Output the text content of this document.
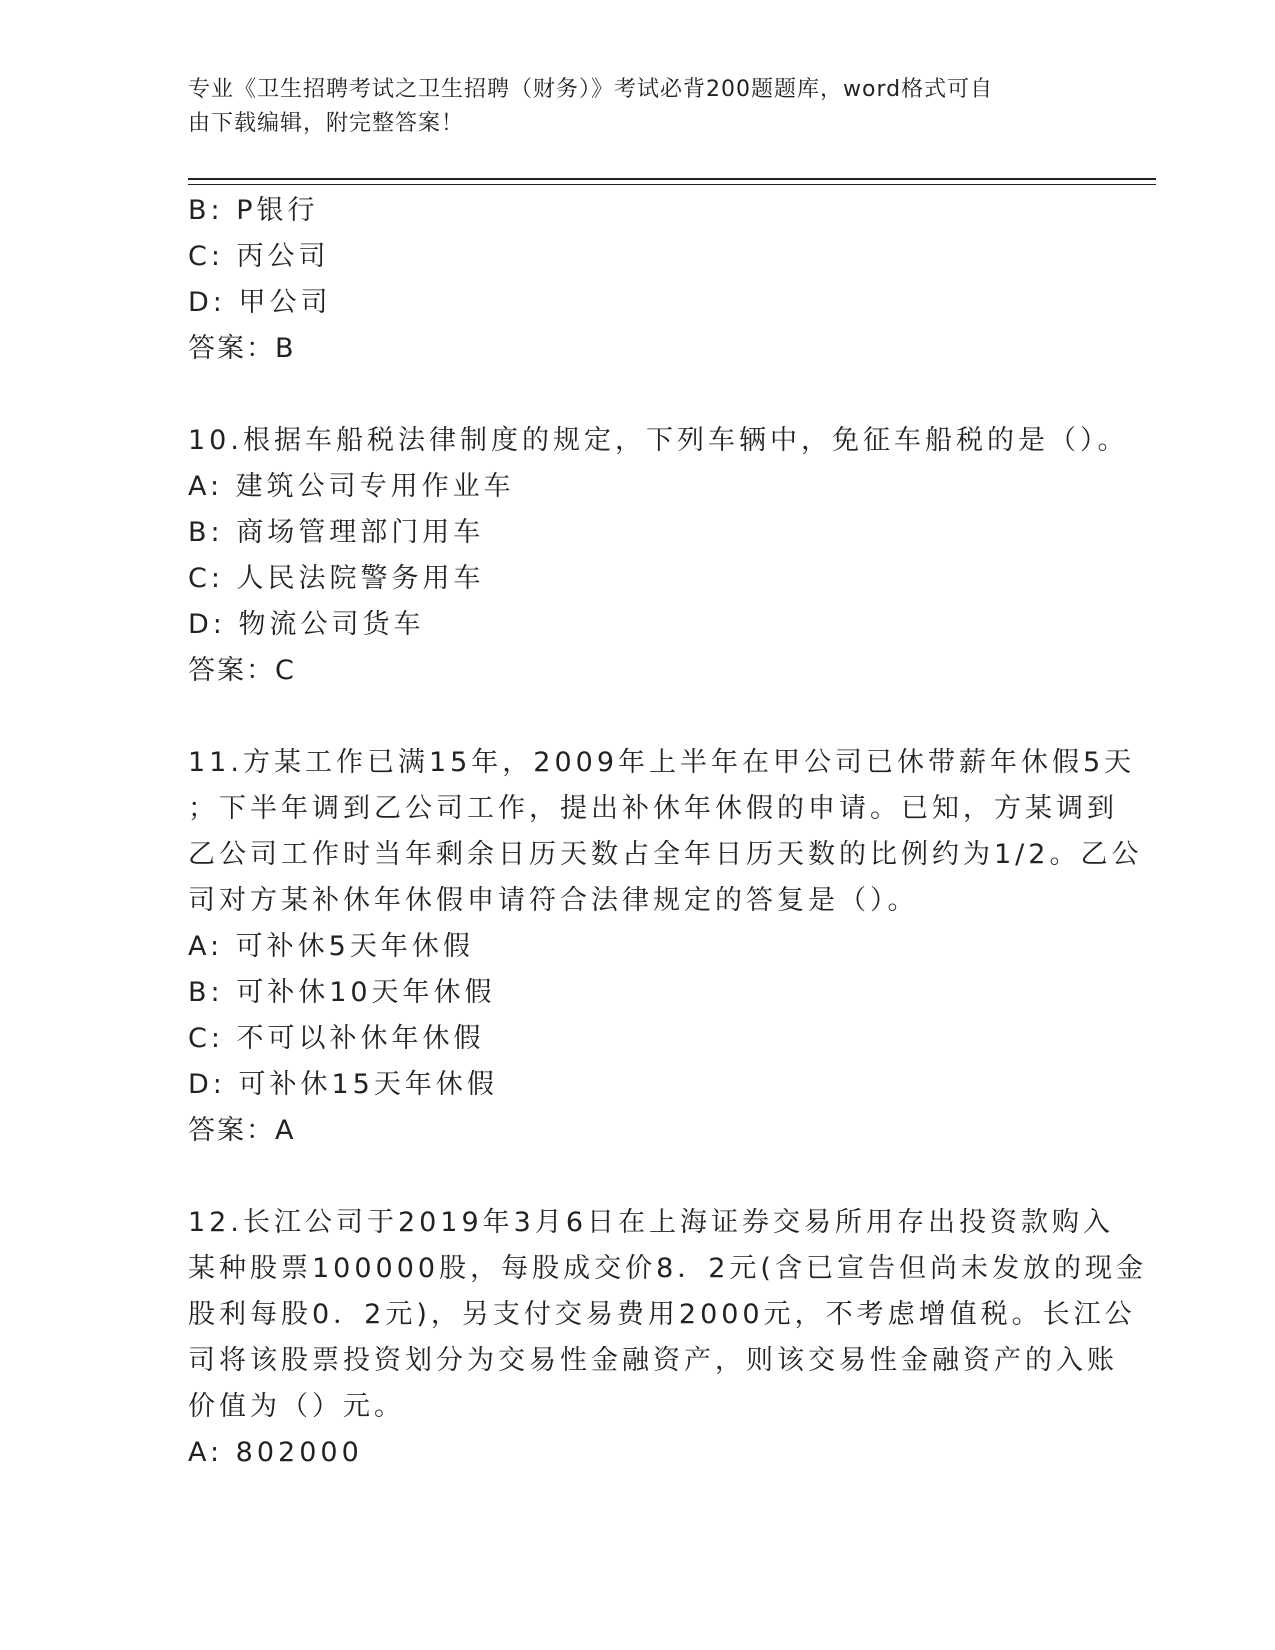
专业《卫生招聘考试之卫生招聘（财务）》考试必背200题题库，word格式可自
由下载编辑，附完整答案！
B: P银行
C: 丙公司
D: 甲公司
答案：B
10.根据车船税法律制度的规定，下列车辆中，免征车船税的是（）。
A: 建筑公司专用作业车
B: 商场管理部门用车
C: 人民法院警务用车
D: 物流公司货车
答案：C
11.方某工作已满15年，2009年上半年在甲公司已休带薪年休假5天
；下半年调到乙公司工作，提出补休年休假的申请。已知，方某调到
乙公司工作时当年剩余日历天数占全年日历天数的比例约为1/2。乙公
司对方某补休年休假申请符合法律规定的答复是（）。
A: 可补休5天年休假
B: 可补休10天年休假
C: 不可以补休年休假
D: 可补休15天年休假
答案：A
12.长江公司于2019年3月6日在上海证券交易所用存出投资款购入
某种股票100000股，每股成交价8．2元(含已宣告但尚未发放的现金
股利每股0．2元)，另支付交易费用2000元，不考虑增值税。长江公
司将该股票投资划分为交易性金融资产，则该交易性金融资产的入账
价值为（）元。
A: 802000
